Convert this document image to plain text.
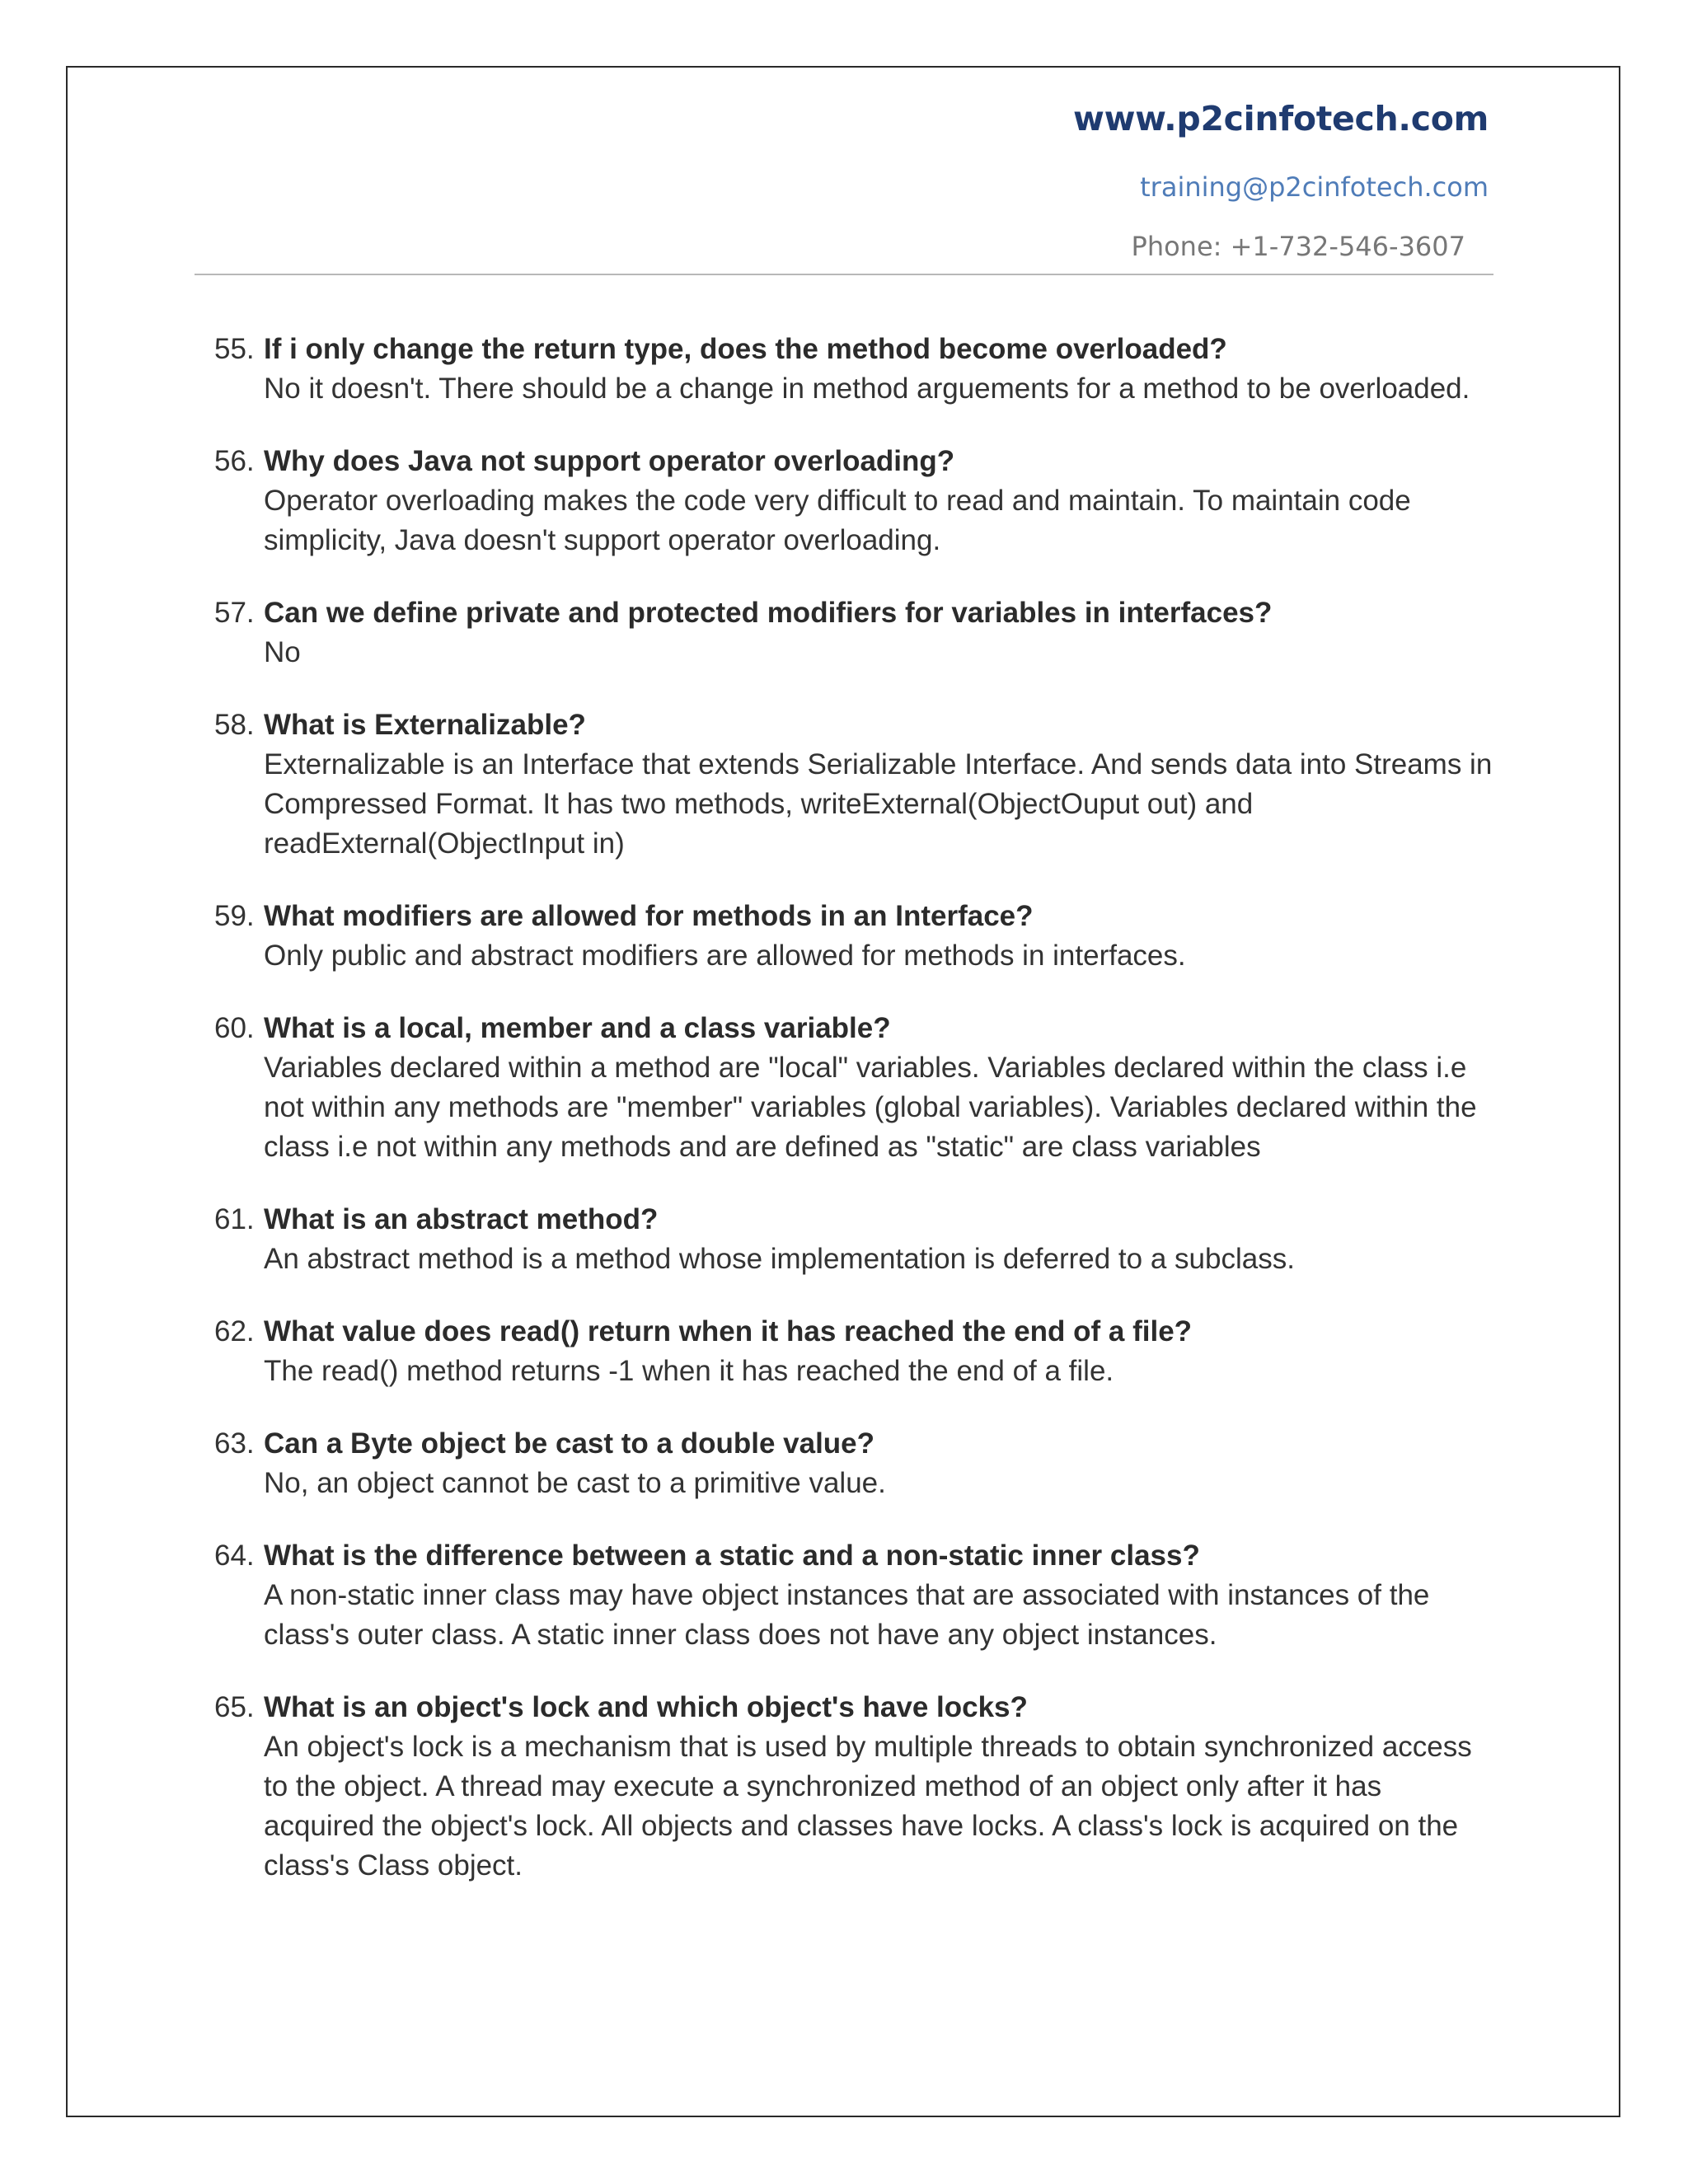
www.p2cinfotech.com
training@p2cinfotech.com
Phone: +1-732-546-3607
55. If i only change the return type, does the method become overloaded?
No it doesn't. There should be a change in method arguements for a method to be overloaded.
56. Why does Java not support operator overloading?
Operator overloading makes the code very difficult to read and maintain. To maintain code simplicity, Java doesn't support operator overloading.
57. Can we define private and protected modifiers for variables in interfaces?
No
58. What is Externalizable?
Externalizable is an Interface that extends Serializable Interface. And sends data into Streams in Compressed Format. It has two methods, writeExternal(ObjectOuput out) and readExternal(ObjectInput in)
59. What modifiers are allowed for methods in an Interface?
Only public and abstract modifiers are allowed for methods in interfaces.
60. What is a local, member and a class variable?
Variables declared within a method are "local" variables. Variables declared within the class i.e not within any methods are "member" variables (global variables). Variables declared within the class i.e not within any methods and are defined as "static" are class variables
61. What is an abstract method?
An abstract method is a method whose implementation is deferred to a subclass.
62. What value does read() return when it has reached the end of a file?
The read() method returns -1 when it has reached the end of a file.
63. Can a Byte object be cast to a double value?
No, an object cannot be cast to a primitive value.
64. What is the difference between a static and a non-static inner class?
A non-static inner class may have object instances that are associated with instances of the class's outer class. A static inner class does not have any object instances.
65. What is an object's lock and which object's have locks?
An object's lock is a mechanism that is used by multiple threads to obtain synchronized access to the object. A thread may execute a synchronized method of an object only after it has acquired the object's lock. All objects and classes have locks. A class's lock is acquired on the class's Class object.
